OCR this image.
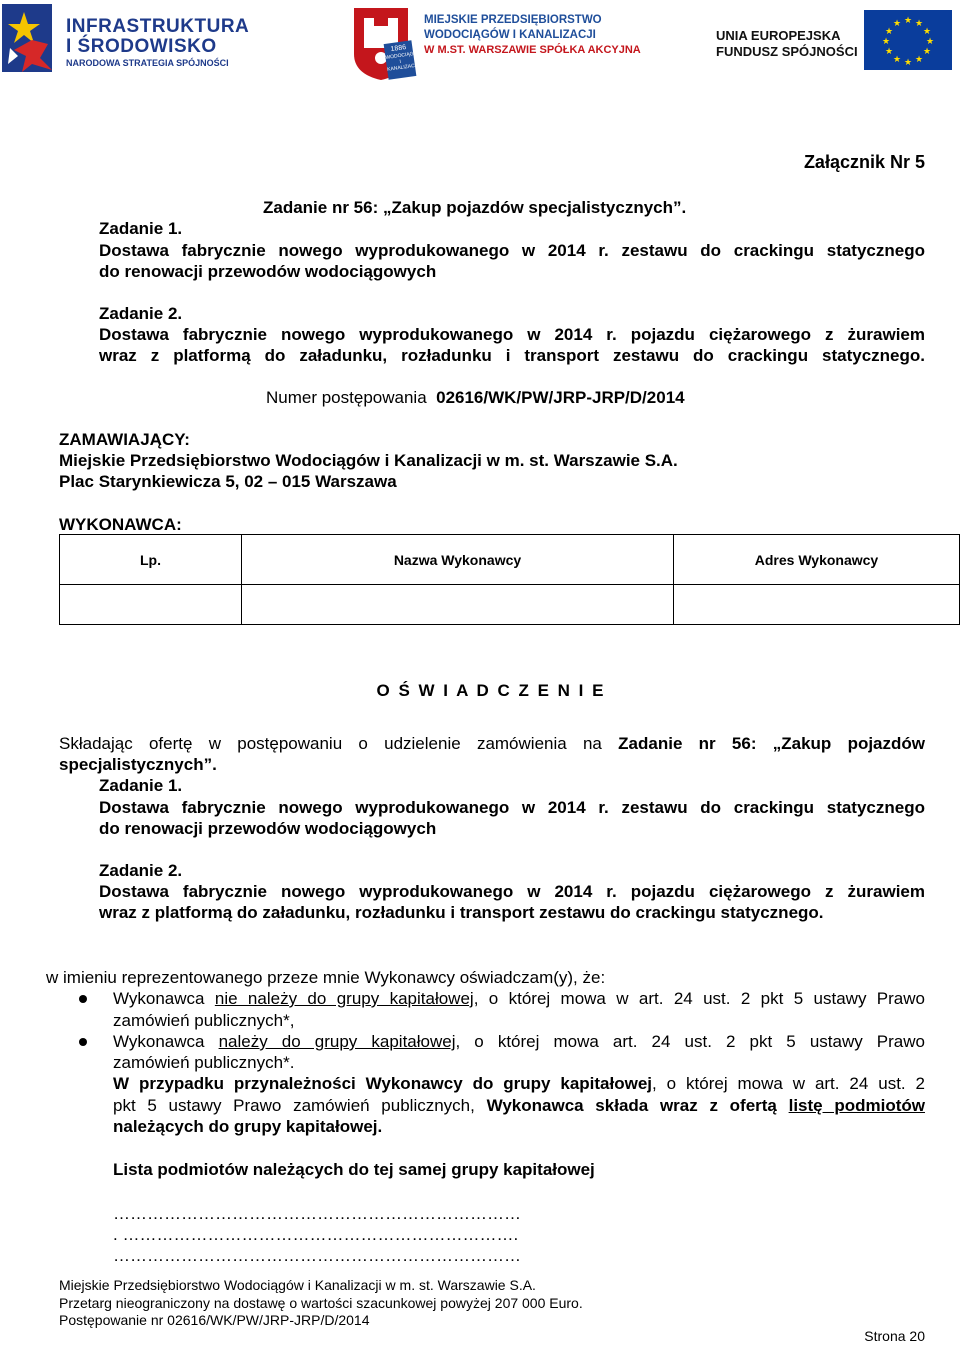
INFRASTRUKTURA
I ŚRODOWISKO
NARODOWA STRATEGIA SPÓJNOŚCI
1886
WODOCIĄGI I KANALIZACJA
MIEJSKIE PRZEDSIĘBIORSTWO
WODOCIĄGÓW I KANALIZACJI
W M.ST. WARSZAWIE SPÓŁKA AKCYJNA
UNIA EUROPEJSKA
FUNDUSZ SPÓJNOŚCI
★ ★
★
★
★
★
★
★
★
★
★
★
Załącznik Nr 5
Zadanie nr 56: „Zakup pojazdów specjalistycznych”.
Zadanie 1.
Dostawa fabrycznie nowego wyprodukowanego w 2014 r. zestawu do crackingu statycznego
do renowacji przewodów wodociągowych
Zadanie 2.
Dostawa fabrycznie nowego wyprodukowanego w 2014 r. pojazdu ciężarowego z żurawiem
wraz z platformą do załadunku, rozładunku i transport zestawu do crackingu statycznego.
Numer postępowania 02616/WK/PW/JRP-JRP/D/2014
ZAMAWIAJĄCY:
Miejskie Przedsiębiorstwo Wodociągów i Kanalizacji w m. st. Warszawie S.A.
Plac Starynkiewicza 5, 02 – 015 Warszawa
WYKONAWCA:
Lp.	Nazwa Wykonawcy	Adres Wykonawcy

O Ś W I A D C Z E N I E
Składając ofertę w postępowaniu o udzielenie zamówienia na Zadanie nr 56: „Zakup pojazdów
specjalistycznych”.
Zadanie 1.
Dostawa fabrycznie nowego wyprodukowanego w 2014 r. zestawu do crackingu statycznego
do renowacji przewodów wodociągowych
Zadanie 2.
Dostawa fabrycznie nowego wyprodukowanego w 2014 r. pojazdu ciężarowego z żurawiem
wraz z platformą do załadunku, rozładunku i transport zestawu do crackingu statycznego.
w imieniu reprezentowanego przeze mnie Wykonawcy oświadczam(y), że:
Wykonawca nie należy do grupy kapitałowej, o której mowa w art. 24 ust. 2 pkt 5 ustawy Prawo
zamówień publicznych*,
Wykonawca należy do grupy kapitałowej, o której mowa art. 24 ust. 2 pkt 5 ustawy Prawo
zamówień publicznych*.
W przypadku przynależności Wykonawcy do grupy kapitałowej, o której mowa w art. 24 ust. 2
pkt 5 ustawy Prawo zamówień publicznych, Wykonawca składa wraz z ofertą listę podmiotów
należących do grupy kapitałowej.
Lista podmiotów należących do tej samej grupy kapitałowej
………………………………………………………………
. …………………………………………………………….
………………………………………………………………
Miejskie Przedsiębiorstwo Wodociągów i Kanalizacji w m. st. Warszawie S.A.
Przetarg nieograniczony na dostawę o wartości szacunkowej powyżej 207 000 Euro.
Postępowanie nr 02616/WK/PW/JRP-JRP/D/2014
Strona 20
